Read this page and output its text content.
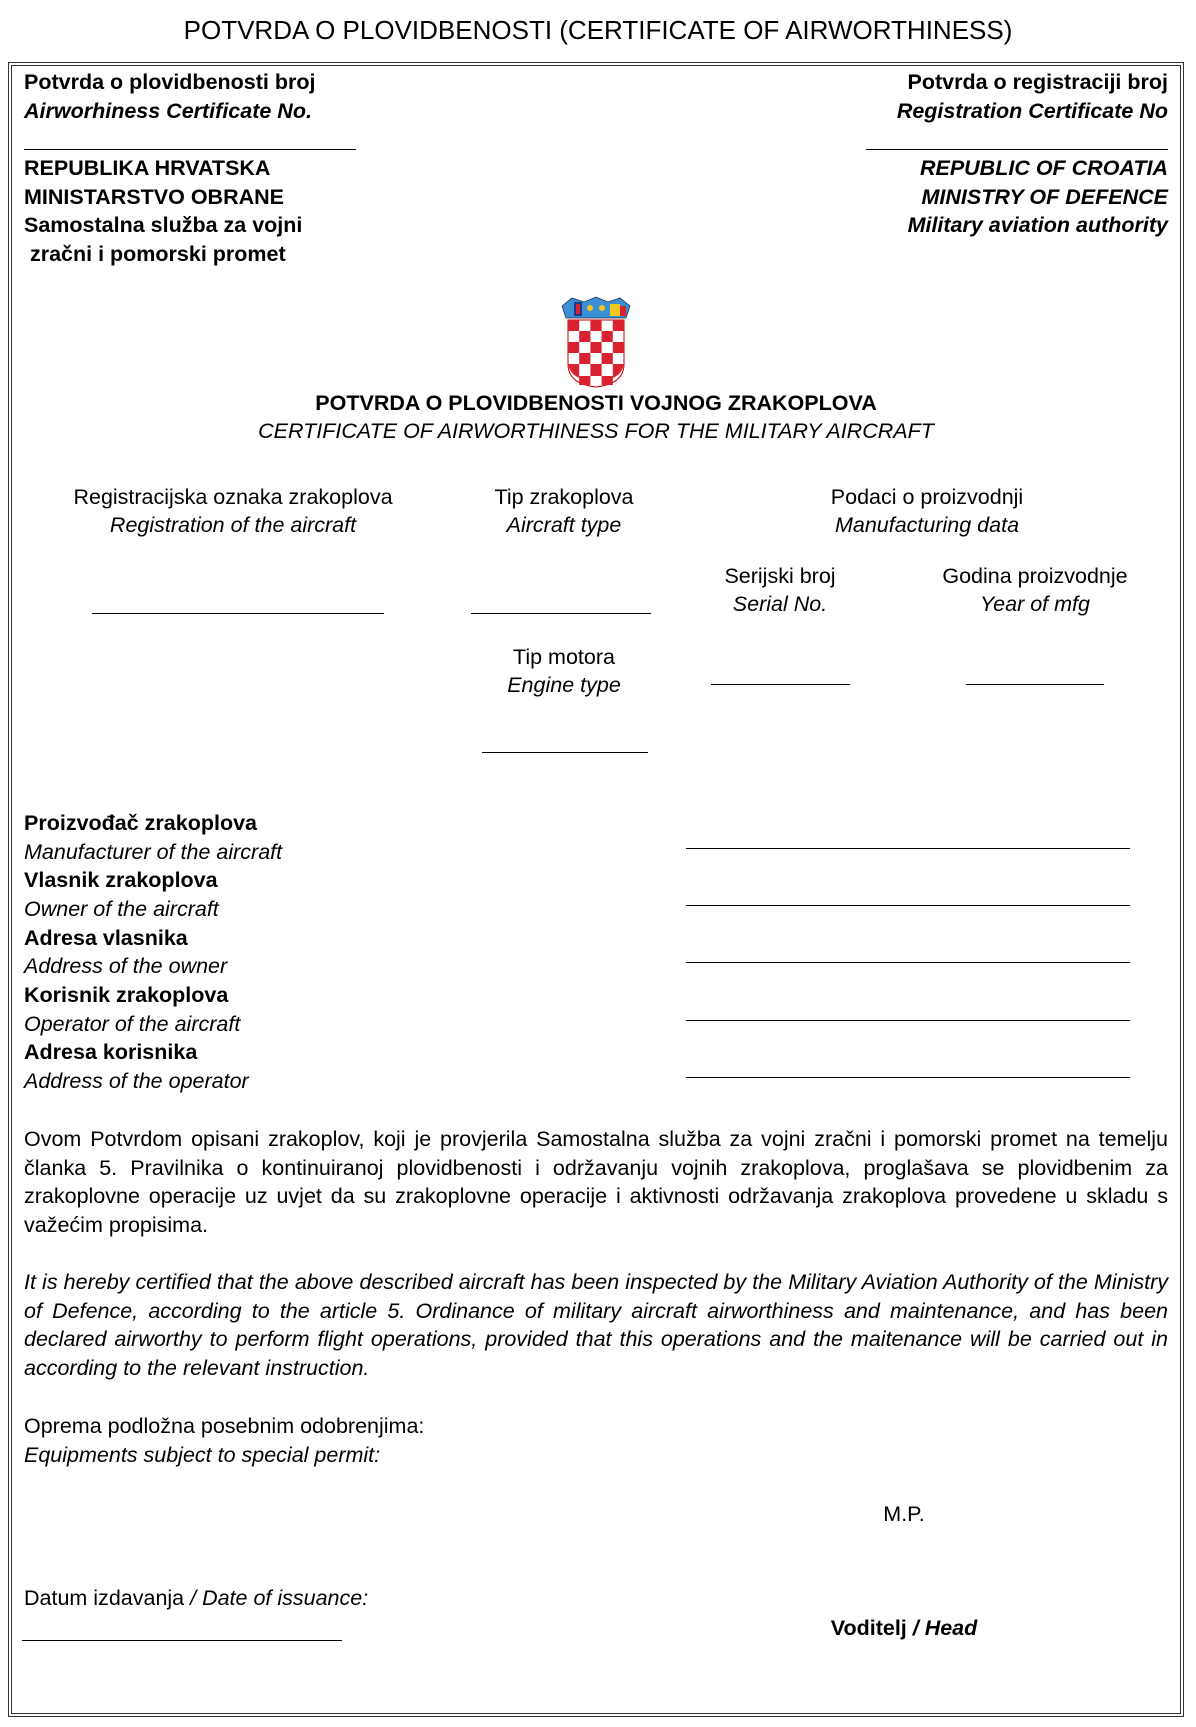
POTVRDA O PLOVIDBENOSTI (CERTIFICATE OF AIRWORTHINESS)
Potvrda o plovidbenosti broj
Airworhiness Certificate No.
REPUBLIKA HRVATSKA
MINISTARSTVO OBRANE
Samostalna služba za vojni
zračni i pomorski promet
Potvrda o registraciji broj
Registration Certificate No
REPUBLIC OF CROATIA
MINISTRY OF DEFENCE
Military aviation authority
POTVRDA O PLOVIDBENOSTI VOJNOG ZRAKOPLOVA
CERTIFICATE OF AIRWORTHINESS FOR THE MILITARY AIRCRAFT
Registracijska oznaka zrakoplova
Registration of the aircraft
Tip zrakoplova
Aircraft type
Podaci o proizvodnji
Manufacturing data
Serijski broj
Serial No.
Godina proizvodnje
Year of mfg
Tip motora
Engine type
Proizvođač zrakoplova
Manufacturer of the aircraft
Vlasnik zrakoplova
Owner of the aircraft
Adresa vlasnika
Address of the owner
Korisnik zrakoplova
Operator of the aircraft
Adresa korisnika
Address of the operator
Ovom Potvrdom opisani zrakoplov, koji je provjerila Samostalna služba za vojni zračni i pomorski promet na temelju članka 5. Pravilnika o kontinuiranoj plovidbenosti i održavanju vojnih zrakoplova, proglašava se plovidbenim za zrakoplovne operacije uz uvjet da su zrakoplovne operacije i aktivnosti održavanja zrakoplova provedene u skladu s važećim propisima.
It is hereby certified that the above described aircraft has been inspected by the Military Aviation Authority of the Ministry of Defence, according to the article 5. Ordinance of military aircraft airworthiness and maintenance, and has been declared airworthy to perform flight operations, provided that this operations and the maitenance will be carried out in according to the relevant instruction.
Oprema podložna posebnim odobrenjima:
Equipments subject to special permit:
M.P.
Datum izdavanja / Date of issuance:
Voditelj / Head
